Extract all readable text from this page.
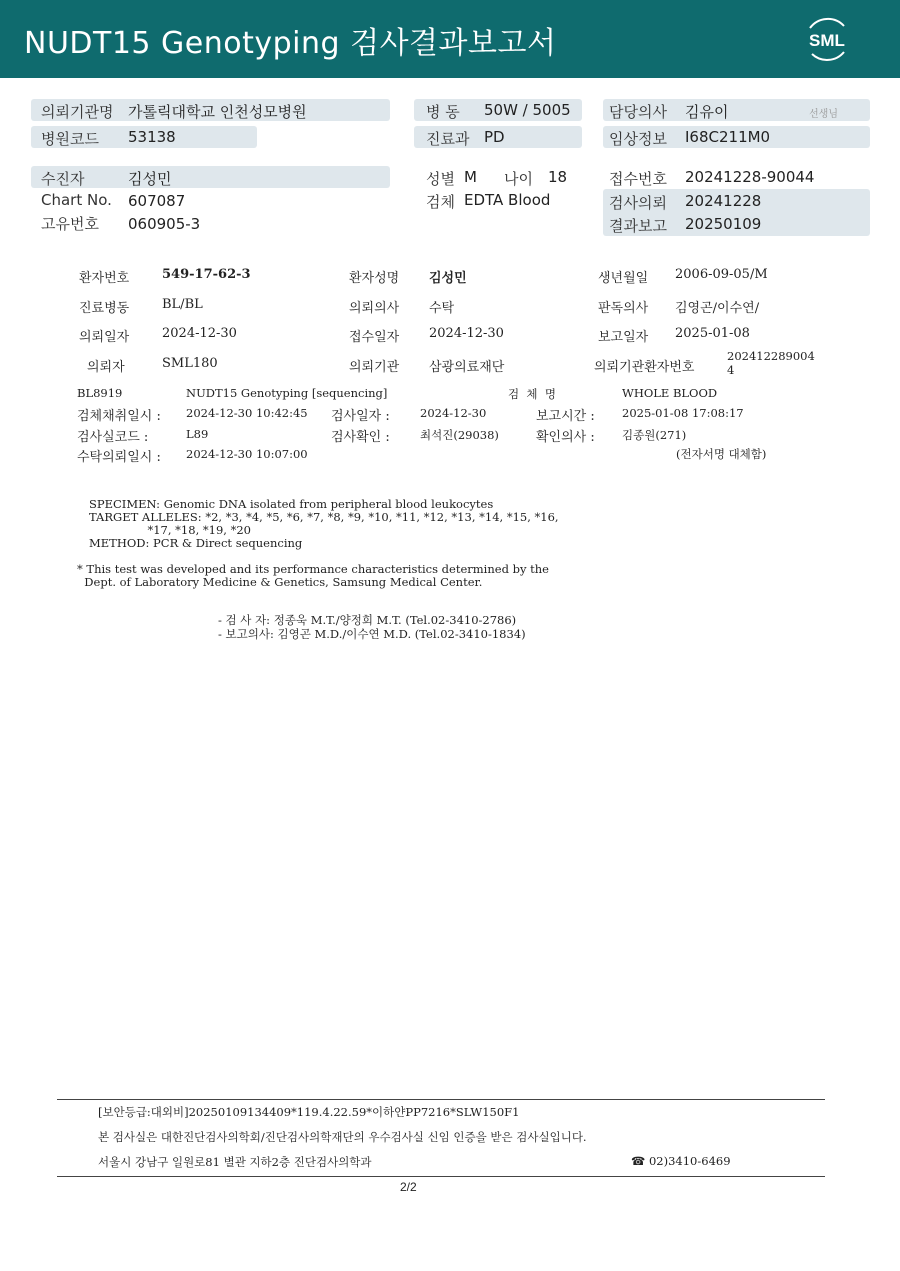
NUDT15 Genotyping 검사결과보고서	SML
의뢰기관명 가톨릭대학교 인천성모병원	병 동 50W / 5005	담당의사 김유이	선생님
병원코드 53138	진료과 PD	임상정보 I68C211M0
수진자	김성민	성별 M 나이 18	접수번호 20241228-90044
Chart No. 607087	검체 EDTA Blood	검사의뢰 20241228
고유번호 060905-3	결과보고 20250109
환자번호	549-17-62-3	환자성명 김성민	생년월일 2006-09-05/M
진료병동	BL/BL	의뢰의사 수탁	판독의사 김영곤/이수연/
의뢰일자	2024-12-30	접수일자 2024-12-30	보고일자 2025-01-08
의뢰자	SML180	의뢰기관 삼광의료재단	의뢰기관환자번호
202412289004
4
BL8919	NUDT15 Genotyping [sequencing]	검  체  명	WHOLE BLOOD
검체채취일시 : 2024-12-30 10:42:45 검사일자 :	2024-12-30	보고시간 : 2025-01-08 17:08:17
검사실코드 :	L89	검사확인 :	최석진(29038)	확인의사 : 김종원(271)
수탁의뢰일시 : 2024-12-30 10:07:00	(전자서명 대체함)
SPECIMEN: Genomic DNA isolated from peripheral blood leukocytes
TARGET ALLELES: *2, *3, *4, *5, *6, *7, *8, *9, *10, *11, *12, *13, *14, *15, *16,
*17, *18, *19, *20
METHOD: PCR & Direct sequencing
* This test was developed and its performance characteristics determined by the
Dept. of Laboratory Medicine & Genetics, Samsung Medical Center.
- 검 사 자: 정종욱 M.T./양정희 M.T. (Tel.02-3410-2786)
- 보고의사: 김영곤 M.D./이수연 M.D. (Tel.02-3410-1834)
[보안등급:대외비]20250109134409*119.4.22.59*이하얀PP7216*SLW150F1
본 검사실은 대한진단검사의학회/진단검사의학재단의 우수검사실 신임 인증을 받은 검사실입니다.
서울시 강남구 일원로81 별관 지하2층 진단검사의학과	☎ 02)3410-6469
2/2
